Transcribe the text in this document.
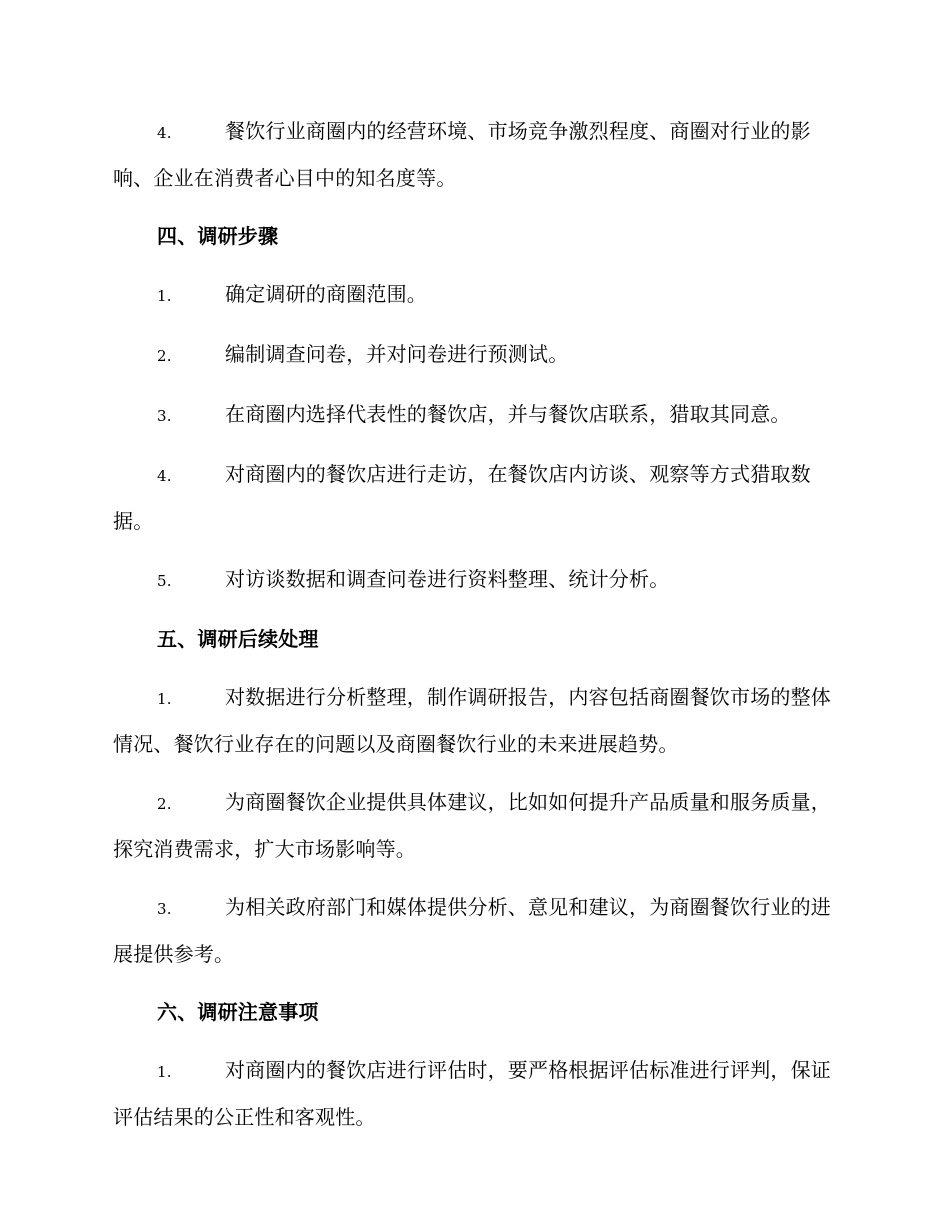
4.	餐饮行业商圈内的经营环境、市场竞争激烈程度、商圈对行业的影响、企业在消费者心目中的知名度等。

四、调研步骤

1.	确定调研的商圈范围。

2.	编制调查问卷，并对问卷进行预测试。

3.	在商圈内选择代表性的餐饮店，并与餐饮店联系，猎取其同意。

4.	对商圈内的餐饮店进行走访，在餐饮店内访谈、观察等方式猎取数据。

5.	对访谈数据和调查问卷进行资料整理、统计分析。

五、调研后续处理

1.	对数据进行分析整理，制作调研报告，内容包括商圈餐饮市场的整体情况、餐饮行业存在的问题以及商圈餐饮行业的未来进展趋势。

2.	为商圈餐饮企业提供具体建议，比如如何提升产品质量和服务质量，探究消费需求，扩大市场影响等。

3.	为相关政府部门和媒体提供分析、意见和建议，为商圈餐饮行业的进展提供参考。

六、调研注意事项

1.	对商圈内的餐饮店进行评估时，要严格根据评估标准进行评判，保证评估结果的公正性和客观性。
